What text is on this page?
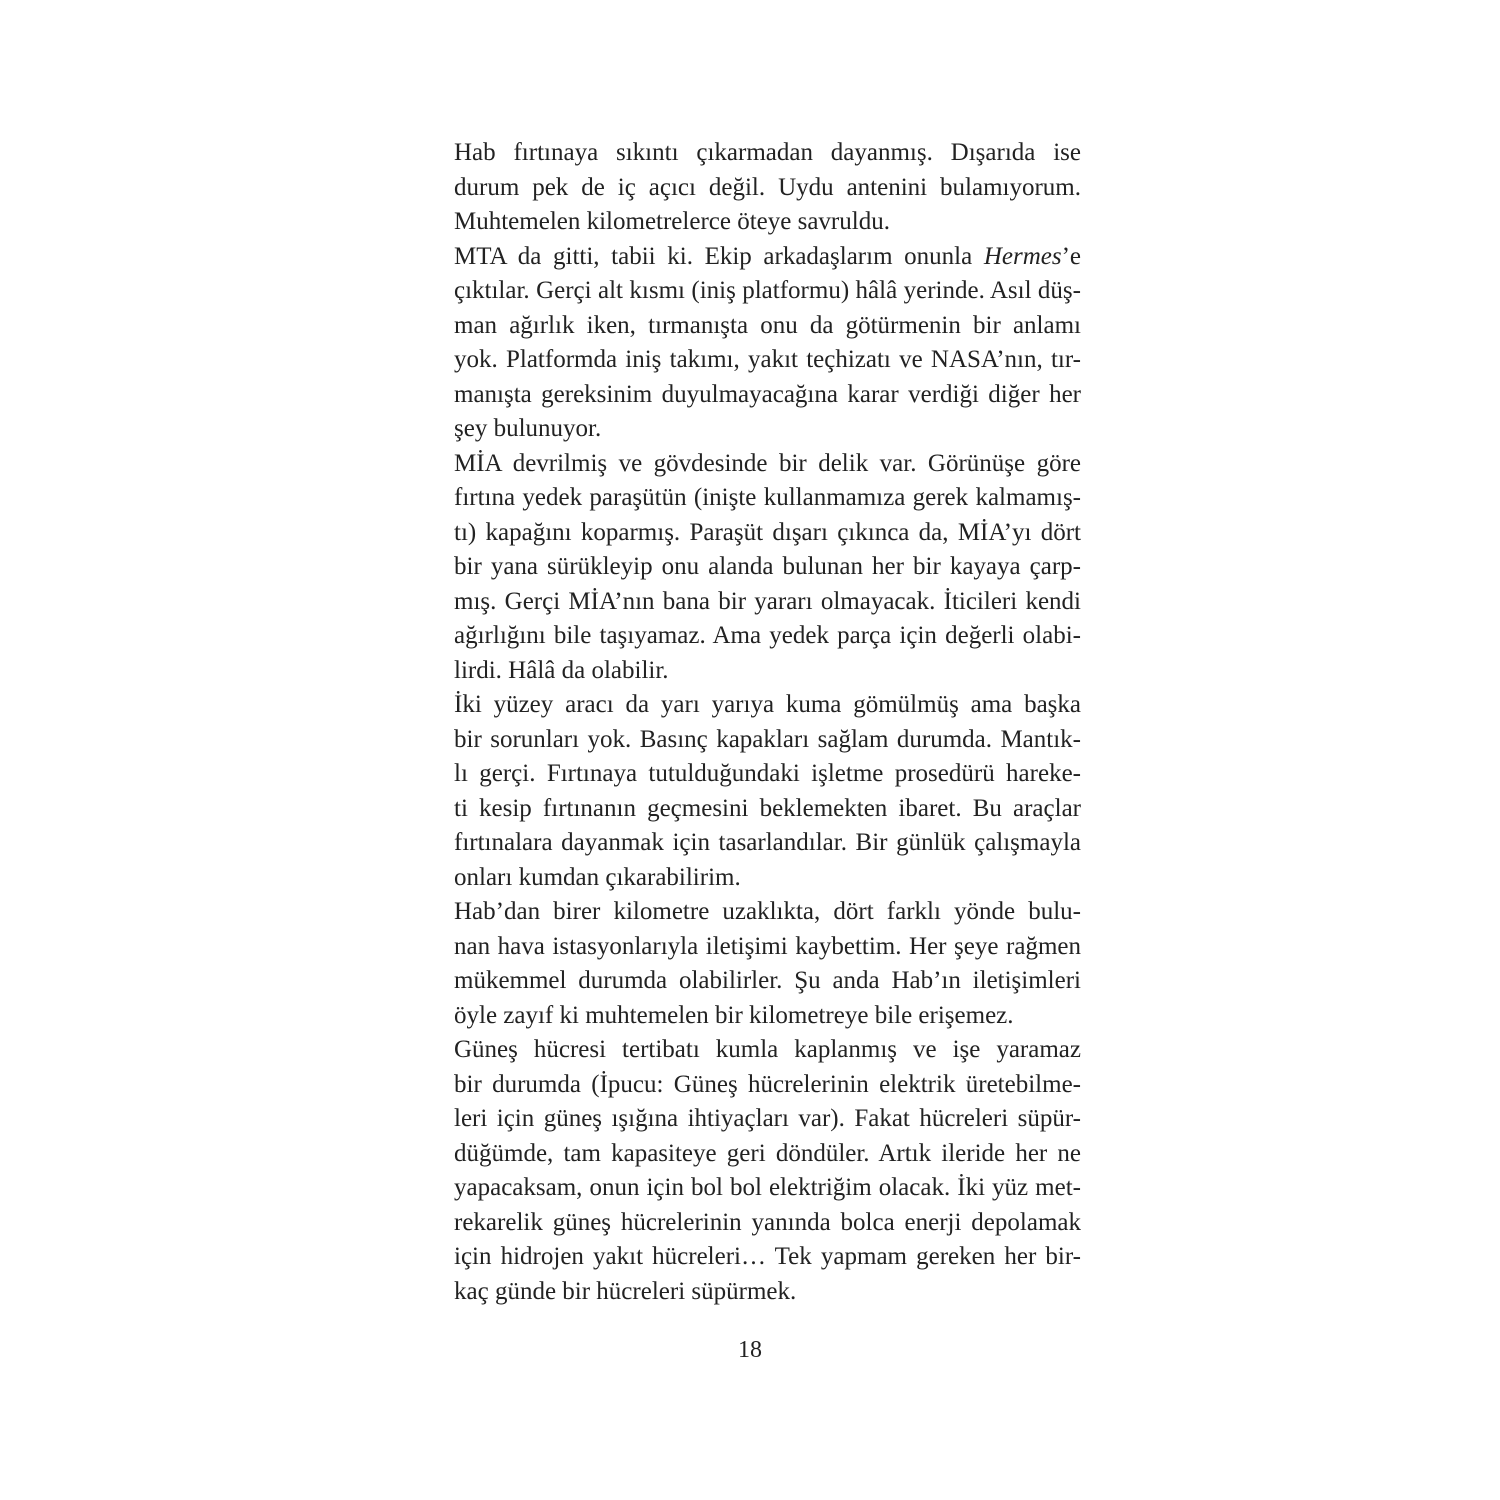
Hab fırtınaya sıkıntı çıkarmadan dayanmış. Dışarıda ise
durum pek de iç açıcı değil. Uydu antenini bulamıyorum.
Muhtemelen kilometrelerce öteye savruldu.

MTA da gitti, tabii ki. Ekip arkadaşlarım onunla Hermes’e
çıktılar. Gerçi alt kısmı (iniş platformu) hâlâ yerinde. Asıl düş-
man ağırlık iken, tırmanışta onu da götürmenin bir anlamı
yok. Platformda iniş takımı, yakıt teçhizatı ve NASA’nın, tır-
manışta gereksinim duyulmayacağına karar verdiği diğer her
şey bulunuyor.

MİA devrilmiş ve gövdesinde bir delik var. Görünüşe göre
fırtına yedek paraşütün (inişte kullanmamıza gerek kalmamış-
tı) kapağını koparmış. Paraşüt dışarı çıkınca da, MİA’yı dört
bir yana sürükleyip onu alanda bulunan her bir kayaya çarp-
mış. Gerçi MİA’nın bana bir yararı olmayacak. İticileri kendi
ağırlığını bile taşıyamaz. Ama yedek parça için değerli olabi-
lirdi. Hâlâ da olabilir.

İki yüzey aracı da yarı yarıya kuma gömülmüş ama başka
bir sorunları yok. Basınç kapakları sağlam durumda. Mantık-
lı gerçi. Fırtınaya tutulduğundaki işletme prosedürü hareke-
ti kesip fırtınanın geçmesini beklemekten ibaret. Bu araçlar
fırtınalara dayanmak için tasarlandılar. Bir günlük çalışmayla
onları kumdan çıkarabilirim.

Hab’dan birer kilometre uzaklıkta, dört farklı yönde bulu-
nan hava istasyonlarıyla iletişimi kaybettim. Her şeye rağmen
mükemmel durumda olabilirler. Şu anda Hab’ın iletişimleri
öyle zayıf ki muhtemelen bir kilometreye bile erişemez.

Güneş hücresi tertibatı kumla kaplanmış ve işe yaramaz
bir durumda (İpucu: Güneş hücrelerinin elektrik üretebilme-
leri için güneş ışığına ihtiyaçları var). Fakat hücreleri süpür-
düğümde, tam kapasiteye geri döndüler. Artık ileride her ne
yapacaksam, onun için bol bol elektriğim olacak. İki yüz met-
rekarelik güneş hücrelerinin yanında bolca enerji depolamak
için hidrojen yakıt hücreleri… Tek yapmam gereken her bir-
kaç günde bir hücreleri süpürmek.

18
